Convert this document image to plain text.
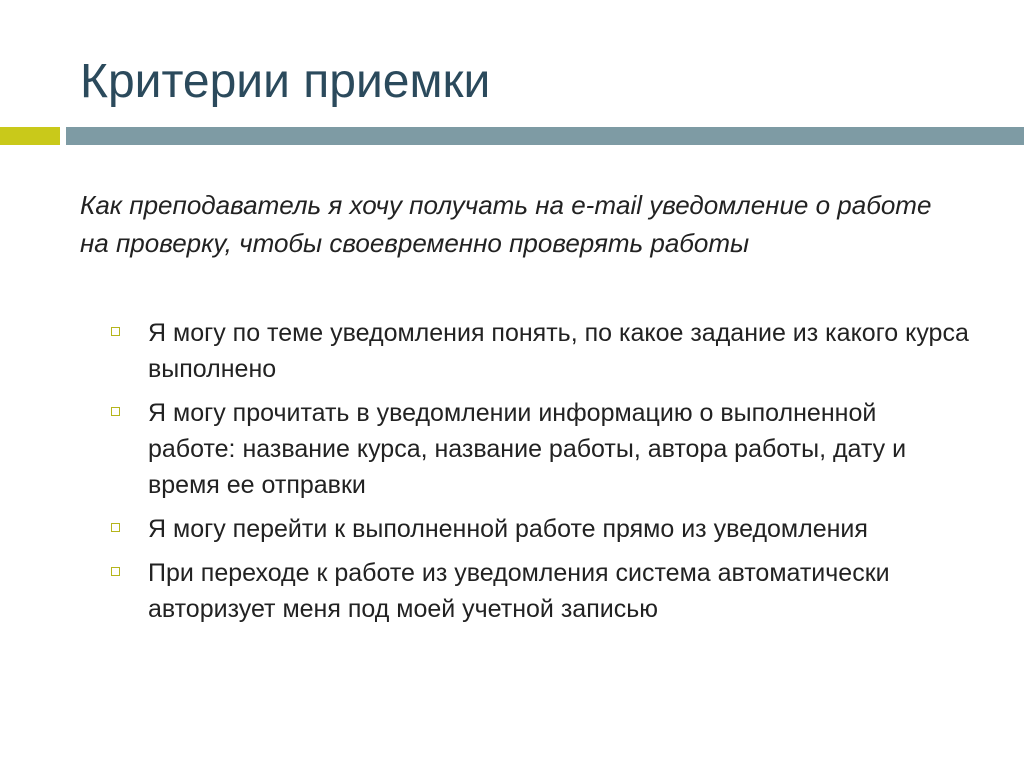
Критерии приемки
Как преподаватель я хочу получать на e-mail уведомление о работе на проверку, чтобы своевременно проверять работы
Я могу по теме уведомления понять, по какое задание из какого курса выполнено
Я могу прочитать в уведомлении информацию о выполненной работе: название курса, название работы, автора работы, дату и время ее отправки
Я могу перейти к выполненной работе прямо из уведомления
При переходе к работе из уведомления система автоматически авторизует меня под моей учетной записью
